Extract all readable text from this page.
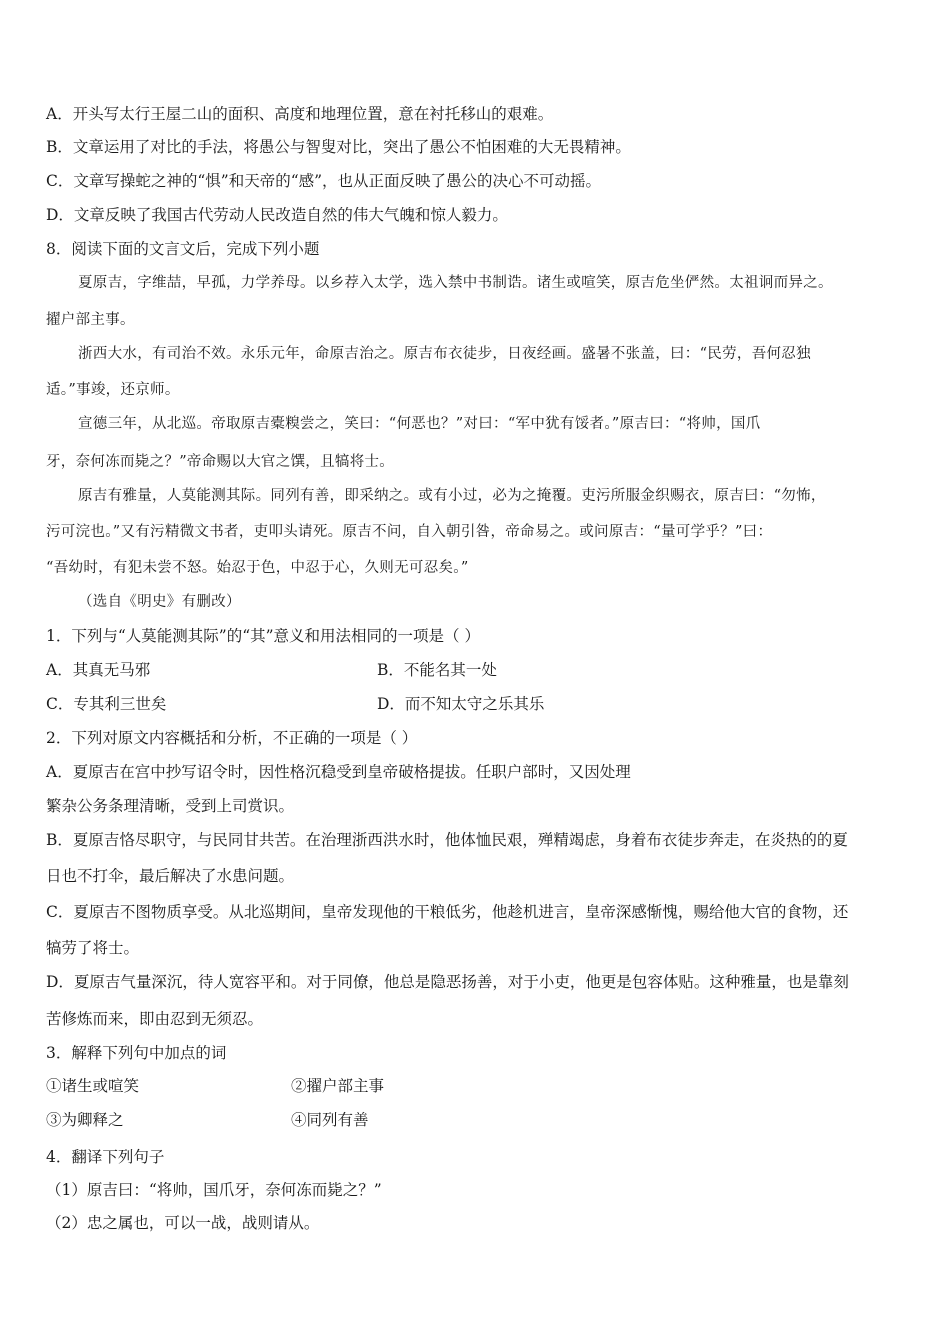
A．开头写太行王屋二山的面积、高度和地理位置，意在衬托移山的艰难。
B．文章运用了对比的手法，将愚公与智叟对比，突出了愚公不怕困难的大无畏精神。
C．文章写操蛇之神的“惧”和天帝的“感”，也从正面反映了愚公的决心不可动摇。
D．文章反映了我国古代劳动人民改造自然的伟大气魄和惊人毅力。
8．阅读下面的文言文后，完成下列小题
夏原吉，字维喆，早孤，力学养母。以乡荐入太学，选入禁中书制诰。诸生或喧笑，原吉危坐俨然。太祖诇而异之。
擢户部主事。
浙西大水，有司治不效。永乐元年，命原吉治之。原吉布衣徒步，日夜经画。盛暑不张盖，曰：“民劳，吾何忍独
适。”事竣，还京师。
宣德三年，从北巡。帝取原吉橐糗尝之，笑曰：“何恶也？”对曰：“军中犹有馁者。”原吉曰：“将帅，国爪
牙，奈何冻而毙之？”帝命赐以大官之馔，且犒将士。
原吉有雅量，人莫能测其际。同列有善，即采纳之。或有小过，必为之掩覆。吏污所服金织赐衣，原吉曰：“勿怖，
污可浣也。”又有污精微文书者，吏叩头请死。原吉不问，自入朝引咎，帝命易之。或问原吉：“量可学乎？”曰：
“吾幼时，有犯未尝不怒。始忍于色，中忍于心，久则无可忍矣。”
（选自《明史》有删改）
1．下列与“人莫能测其际”的“其”意义和用法相同的一项是（ ）
A．其真无马邪	B．不能名其一处
C．专其利三世矣	D．而不知太守之乐其乐
2．下列对原文内容概括和分析，不正确的一项是（ ）
A．夏原吉在宫中抄写诏令时，因性格沉稳受到皇帝破格提拔。任职户部时，又因处理
繁杂公务条理清晰，受到上司赏识。
B．夏原吉恪尽职守，与民同甘共苦。在治理浙西洪水时，他体恤民艰，殚精竭虑，身着布衣徒步奔走，在炎热的的夏
日也不打伞，最后解决了水患问题。
C．夏原吉不图物质享受。从北巡期间，皇帝发现他的干粮低劣，他趁机进言，皇帝深感惭愧，赐给他大官的食物，还
犒劳了将士。
D．夏原吉气量深沉，待人宽容平和。对于同僚，他总是隐恶扬善，对于小吏，他更是包容体贴。这种雅量，也是靠刻
苦修炼而来，即由忍到无须忍。
3．解释下列句中加点的词
①诸生或喧笑	②擢户部主事
③为卿释之	④同列有善
4．翻译下列句子
（1）原吉曰：“将帅，国爪牙，奈何冻而毙之？”
（2）忠之属也，可以一战，战则请从。
